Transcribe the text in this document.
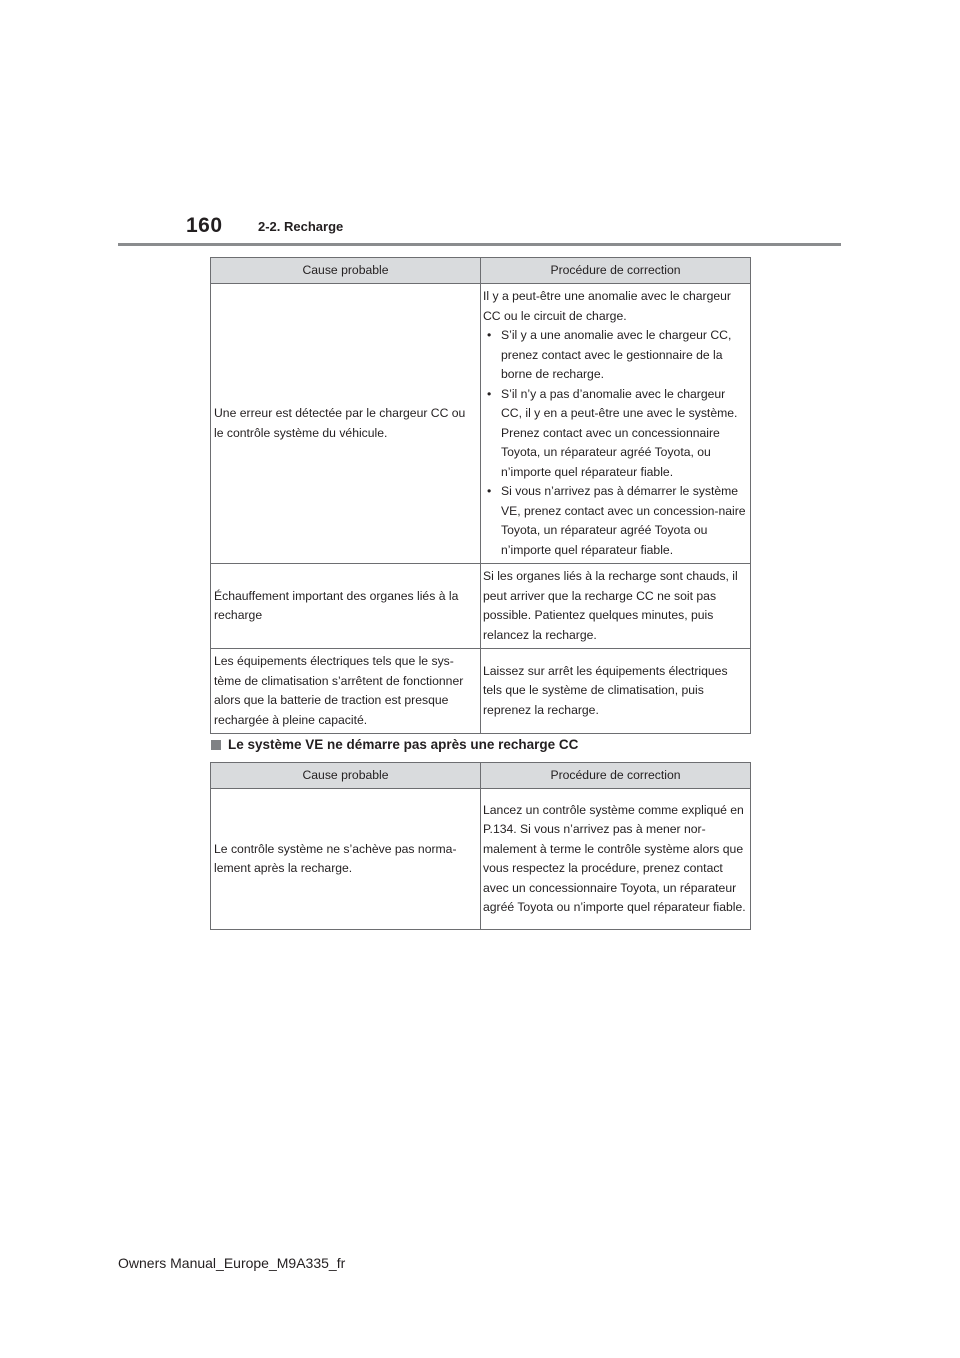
160	2-2. Recharge
Cause probable	Procédure de correction
Une erreur est détectée par le chargeur CC ou le contrôle système du véhicule.	Il y a peut-être une anomalie avec le chargeur CC ou le circuit de charge.
• S’il y a une anomalie avec le chargeur CC, prenez contact avec le gestionnaire de la borne de recharge.
• S’il n’y a pas d’anomalie avec le chargeur CC, il y en a peut-être une avec le système. Prenez contact avec un concessionnaire Toyota, un réparateur agréé Toyota, ou n’importe quel réparateur fiable.
• Si vous n’arrivez pas à démarrer le système VE, prenez contact avec un concession-naire Toyota, un réparateur agréé Toyota ou n’importe quel réparateur fiable.

Échauffement important des organes liés à la recharge	Si les organes liés à la recharge sont chauds, il peut arriver que la recharge CC ne soit pas possible. Patientez quelques minutes, puis relancez la recharge.
Les équipements électriques tels que le sys-tème de climatisation s’arrêtent de fonctionner alors que la batterie de traction est presque rechargée à pleine capacité.	Laissez sur arrêt les équipements électriques tels que le système de climatisation, puis reprenez la recharge.
Le système VE ne démarre pas après une recharge CC
Cause probable	Procédure de correction
Le contrôle système ne s’achève pas norma-lement après la recharge.	Lancez un contrôle système comme expliqué en P.134. Si vous n’arrivez pas à mener nor-malement à terme le contrôle système alors que vous respectez la procédure, prenez contact avec un concessionnaire Toyota, un réparateur agréé Toyota ou n’importe quel réparateur fiable.
Owners Manual_Europe_M9A335_fr
